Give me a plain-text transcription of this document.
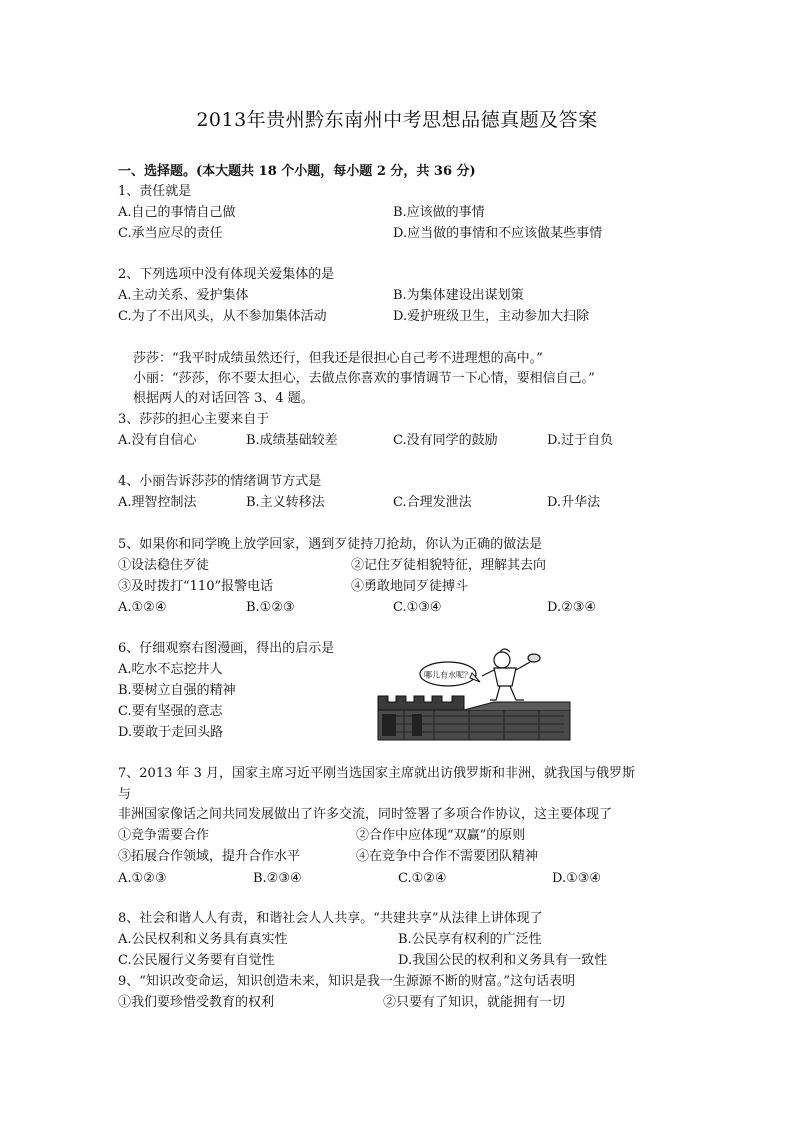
2013年贵州黔东南州中考思想品德真题及答案
一、选择题。(本大题共 18 个小题，每小题 2 分，共 36 分)
1、责任就是
A.自己的事情自己做	B.应该做的事情
C.承当应尽的责任	D.应当做的事情和不应该做某些事情
2、下列选项中没有体现关爱集体的是
A.主动关系、爱护集体	B.为集体建设出谋划策
C.为了不出风头，从不参加集体活动	D.爱护班级卫生，主动参加大扫除
莎莎：“我平时成绩虽然还行，但我还是很担心自己考不进理想的高中。”
小丽：“莎莎，你不要太担心，去做点你喜欢的事情调节一下心情，要相信自己。”
根据两人的对话回答 3、4 题。
3、莎莎的担心主要来自于
A.没有自信心	B.成绩基础较差	C.没有同学的鼓励	D.过于自负
4、小丽告诉莎莎的情绪调节方式是
A.理智控制法	B.主义转移法	C.合理发泄法	D.升华法
5、如果你和同学晚上放学回家，遇到歹徒持刀抢劫，你认为正确的做法是
①设法稳住歹徒	②记住歹徒相貌特征，理解其去向
③及时拨打“110”报警电话	④勇敢地同歹徒搏斗
A.①②④	B.①②③	C.①③④	D.②③④
6、仔细观察右图漫画，得出的启示是
A.吃水不忘挖井人
B.要树立自强的精神
C.要有坚强的意志
D.要敢于走回头路
哪儿有水呢？
7、2013 年 3 月，国家主席习近平刚当选国家主席就出访俄罗斯和非洲，就我国与俄罗斯
与
非洲国家像话之间共同发展做出了许多交流，同时签署了多项合作协议，这主要体现了
①竞争需要合作	②合作中应体现“双赢”的原则
③拓展合作领域，提升合作水平	④在竞争中合作不需要团队精神
A.①②③	B.②③④	C.①②④	D.①③④
8、社会和谐人人有责，和谐社会人人共享。“共建共享”从法律上讲体现了
A.公民权利和义务具有真实性	B.公民享有权利的广泛性
C.公民履行义务要有自觉性	D.我国公民的权利和义务具有一致性
9、“知识改变命运，知识创造未来，知识是我一生源源不断的财富。”这句话表明
①我们要珍惜受教育的权利	②只要有了知识，就能拥有一切
